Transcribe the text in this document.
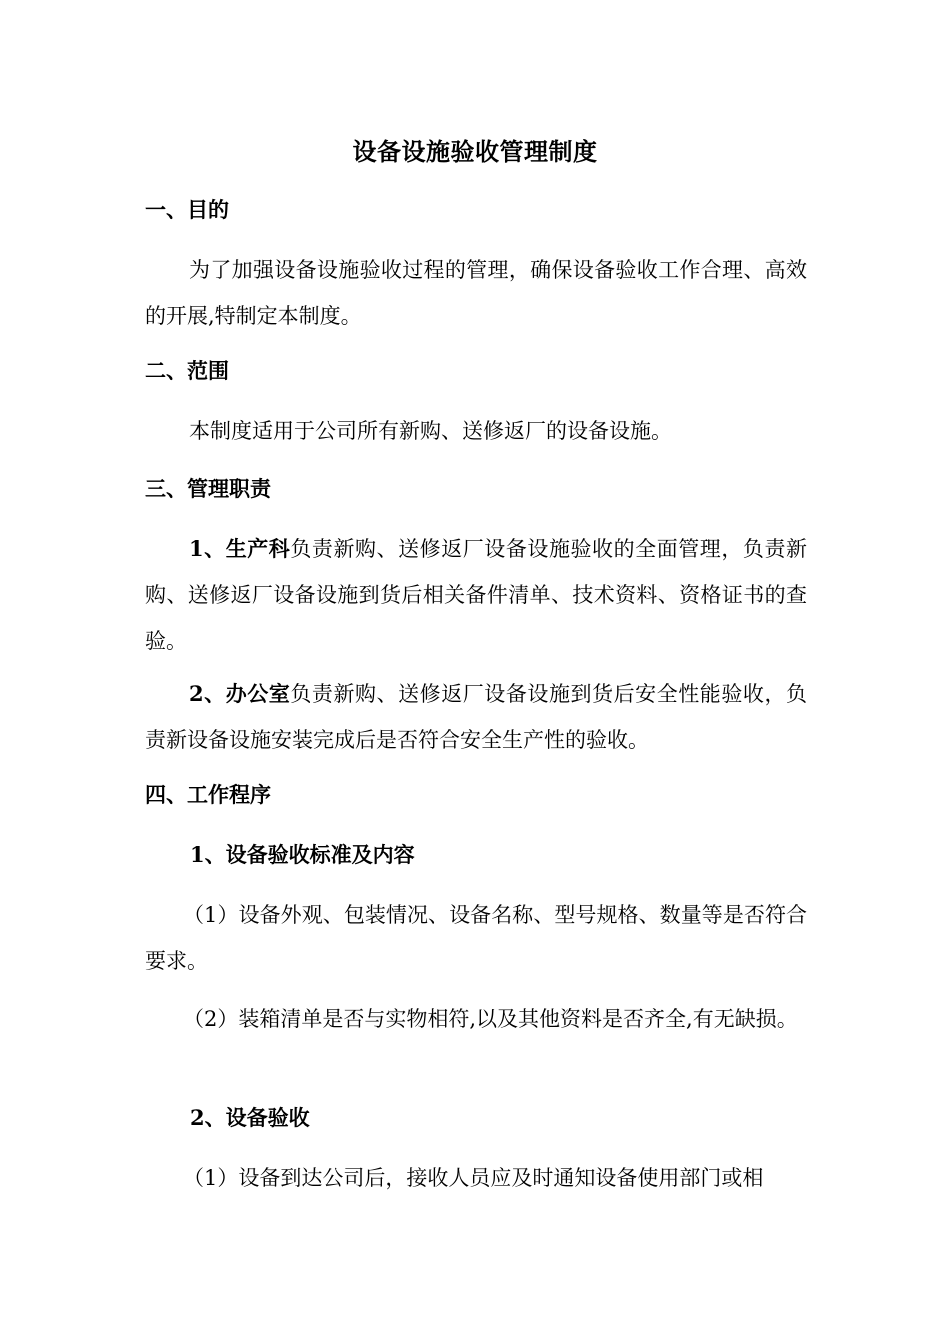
设备设施验收管理制度
一、目的
为了加强设备设施验收过程的管理，确保设备验收工作合理、高效的开展,特制定本制度。
二、范围
本制度适用于公司所有新购、送修返厂的设备设施。
三、管理职责
1、生产科负责新购、送修返厂设备设施验收的全面管理，负责新购、送修返厂设备设施到货后相关备件清单、技术资料、资格证书的查验。
2、办公室负责新购、送修返厂设备设施到货后安全性能验收，负责新设备设施安装完成后是否符合安全生产性的验收。
四、工作程序
1、设备验收标准及内容
（1）设备外观、包装情况、设备名称、型号规格、数量等是否符合要求。
（2）装箱清单是否与实物相符,以及其他资料是否齐全,有无缺损。
2、设备验收
（1）设备到达公司后，接收人员应及时通知设备使用部门或相
